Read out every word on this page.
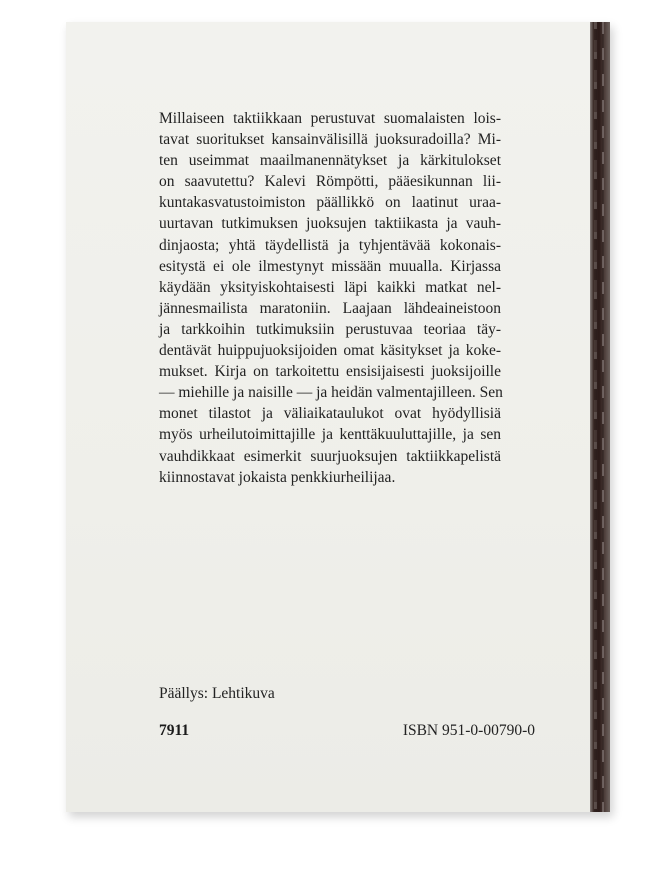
Millaiseen taktiikkaan perustuvat suomalaisten lois-
tavat suoritukset kansainvälisillä juoksuradoilla? Mi-
ten useimmat maailmanennätykset ja kärkitulokset
on saavutettu? Kalevi Römpötti, pääesikunnan lii-
kuntakasvatustoimiston päällikkö on laatinut uraa-
uurtavan tutkimuksen juoksujen taktiikasta ja vauh-
dinjaosta; yhtä täydellistä ja tyhjentävää kokonais-
esitystä ei ole ilmestynyt missään muualla. Kirjassa
käydään yksityiskohtaisesti läpi kaikki matkat nel-
jännesmailista maratoniin. Laajaan lähdeaineistoon
ja tarkkoihin tutkimuksiin perustuvaa teoriaa täy-
dentävät huippujuoksijoiden omat käsitykset ja koke-
mukset. Kirja on tarkoitettu ensisijaisesti juoksijoille
— miehille ja naisille — ja heidän valmentajilleen. Sen
monet tilastot ja väliaikataulukot ovat hyödyllisiä
myös urheilutoimittajille ja kenttäkuuluttajille, ja sen
vauhdikkaat esimerkit suurjuoksujen taktiikkapelistä
kiinnostavat jokaista penkkiurheilijaa.
Päällys: Lehtikuva
7911	ISBN 951-0-00790-0
